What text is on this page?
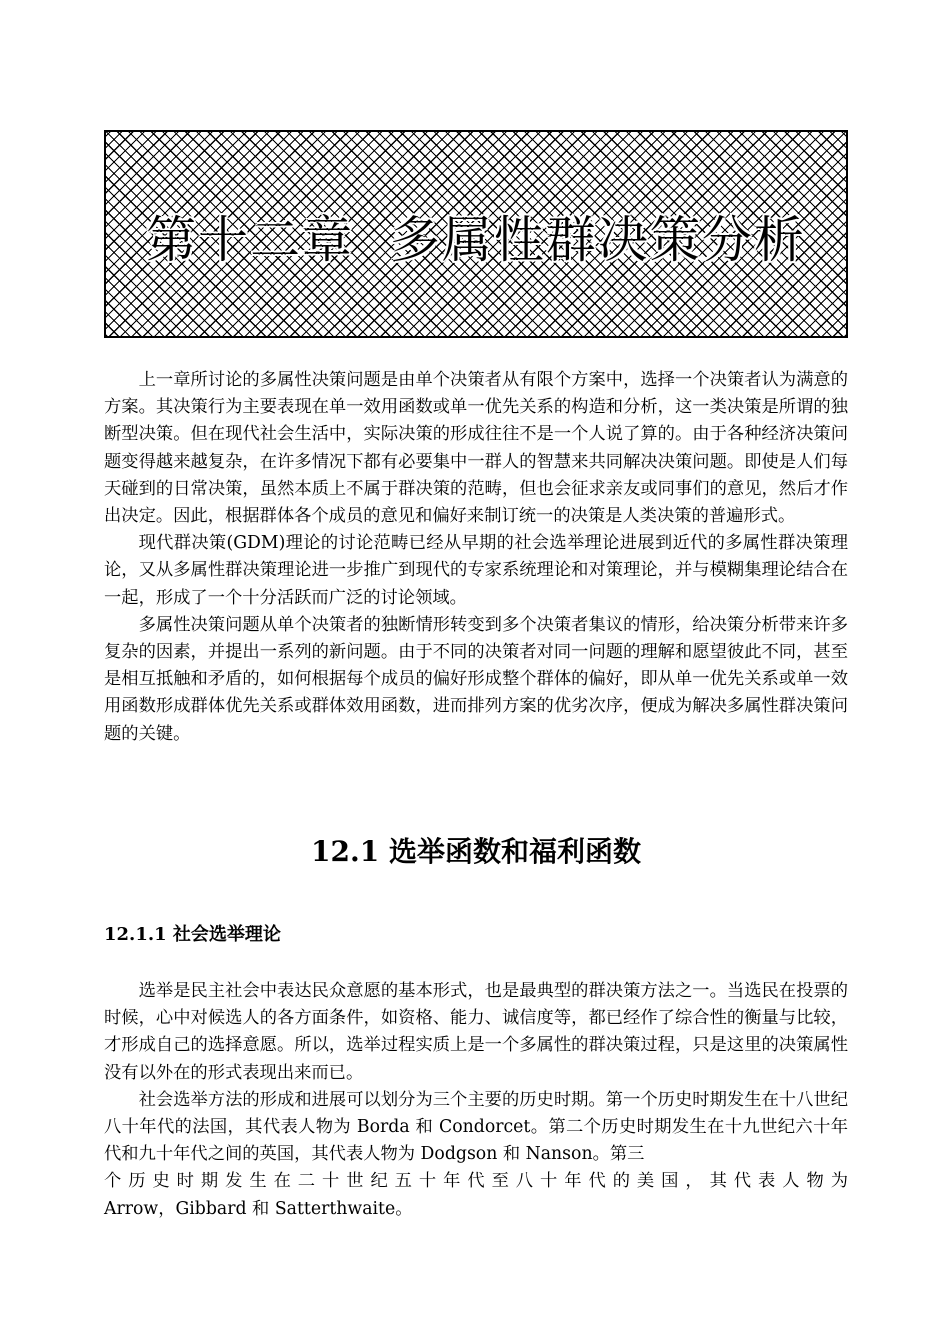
第十二章  多属性群决策分析

上一章所讨论的多属性决策问题是由单个决策者从有限个方案中，选择一个决策者认为满意的方案。其决策行为主要表现在单一效用函数或单一优先关系的构造和分析，这一类决策是所谓的独断型决策。但在现代社会生活中，实际决策的形成往往不是一个人说了算的。由于各种经济决策问题变得越来越复杂，在许多情况下都有必要集中一群人的智慧来共同解决决策问题。即使是人们每天碰到的日常决策，虽然本质上不属于群决策的范畴，但也会征求亲友或同事们的意见，然后才作出决定。因此，根据群体各个成员的意见和偏好来制订统一的决策是人类决策的普遍形式。

现代群决策(GDM)理论的讨论范畴已经从早期的社会选举理论进展到近代的多属性群决策理论，又从多属性群决策理论进一步推广到现代的专家系统理论和对策理论，并与模糊集理论结合在一起，形成了一个十分活跃而广泛的讨论领域。

多属性决策问题从单个决策者的独断情形转变到多个决策者集议的情形，给决策分析带来许多复杂的因素，并提出一系列的新问题。由于不同的决策者对同一问题的理解和愿望彼此不同，甚至是相互抵触和矛盾的，如何根据每个成员的偏好形成整个群体的偏好，即从单一优先关系或单一效用函数形成群体优先关系或群体效用函数，进而排列方案的优劣次序，便成为解决多属性群决策问题的关键。

12.1 选举函数和福利函数
12.1.1 社会选举理论

选举是民主社会中表达民众意愿的基本形式，也是最典型的群决策方法之一。当选民在投票的时候，心中对候选人的各方面条件，如资格、能力、诚信度等，都已经作了综合性的衡量与比较，才形成自己的选择意愿。所以，选举过程实质上是一个多属性的群决策过程，只是这里的决策属性没有以外在的形式表现出来而已。

社会选举方法的形成和进展可以划分为三个主要的历史时期。第一个历史时期发生在十八世纪八十年代的法国，其代表人物为 Borda 和 Condorcet。第二个历史时期发生在十九世纪六十年代和九十年代之间的英国，其代表人物为 Dodgson 和 Nanson。第三

个历史时期发生在二十世纪五十年代至八十年代的美国，其代表人物为
Arrow，Gibbard 和 Satterthwaite。
